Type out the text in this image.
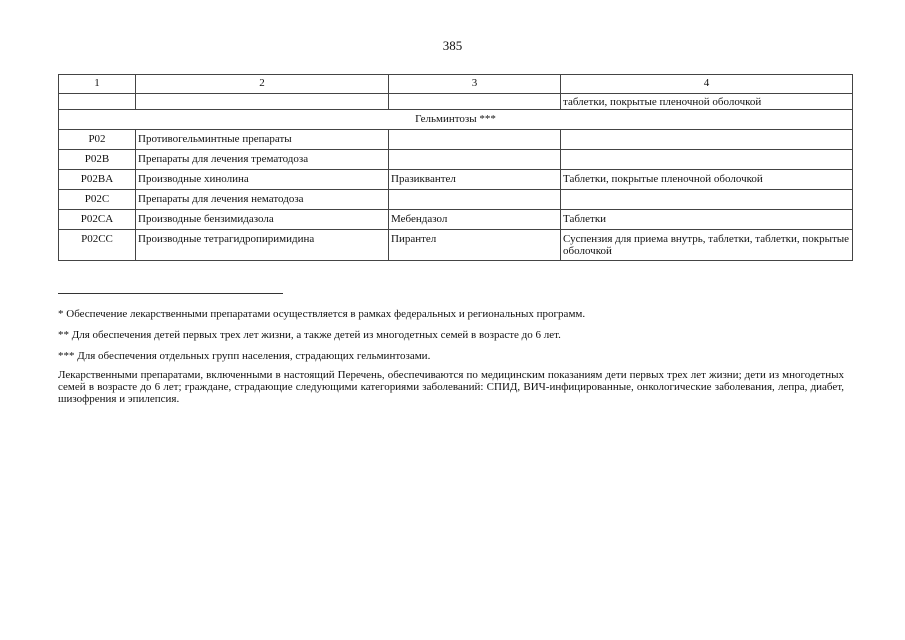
385
1	2	3	4
			таблетки, покрытые пленочной оболочкой
Гельминтозы ***			
P02	Противогельминтные препараты		
P02B	Препараты для лечения трематодоза		
P02BA	Производные хинолина	Празиквантел	Таблетки, покрытые пленочной оболочкой
P02C	Препараты для лечения нематодоза		
P02CA	Производные бензимидазола	Мебендазол	Таблетки
P02CC	Производные тетрагидропиримидина	Пирантел	Суспензия для приема внутрь, таблетки, таблетки, покрытые оболочкой

* Обеспечение лекарственными препаратами осуществляется в рамках федеральных и региональных программ.

** Для обеспечения детей первых трех лет жизни, а также детей из многодетных семей в возрасте до 6 лет.

*** Для обеспечения отдельных групп населения, страдающих гельминтозами.

Лекарственными препаратами, включенными в настоящий Перечень, обеспечиваются по медицинским показаниям дети первых трех лет жизни; дети из многодетных семей в возрасте до 6 лет; граждане, страдающие следующими категориями заболеваний: СПИД, ВИЧ-инфицированные, онкологические заболевания, лепра, диабет, шизофрения и эпилепсия.
